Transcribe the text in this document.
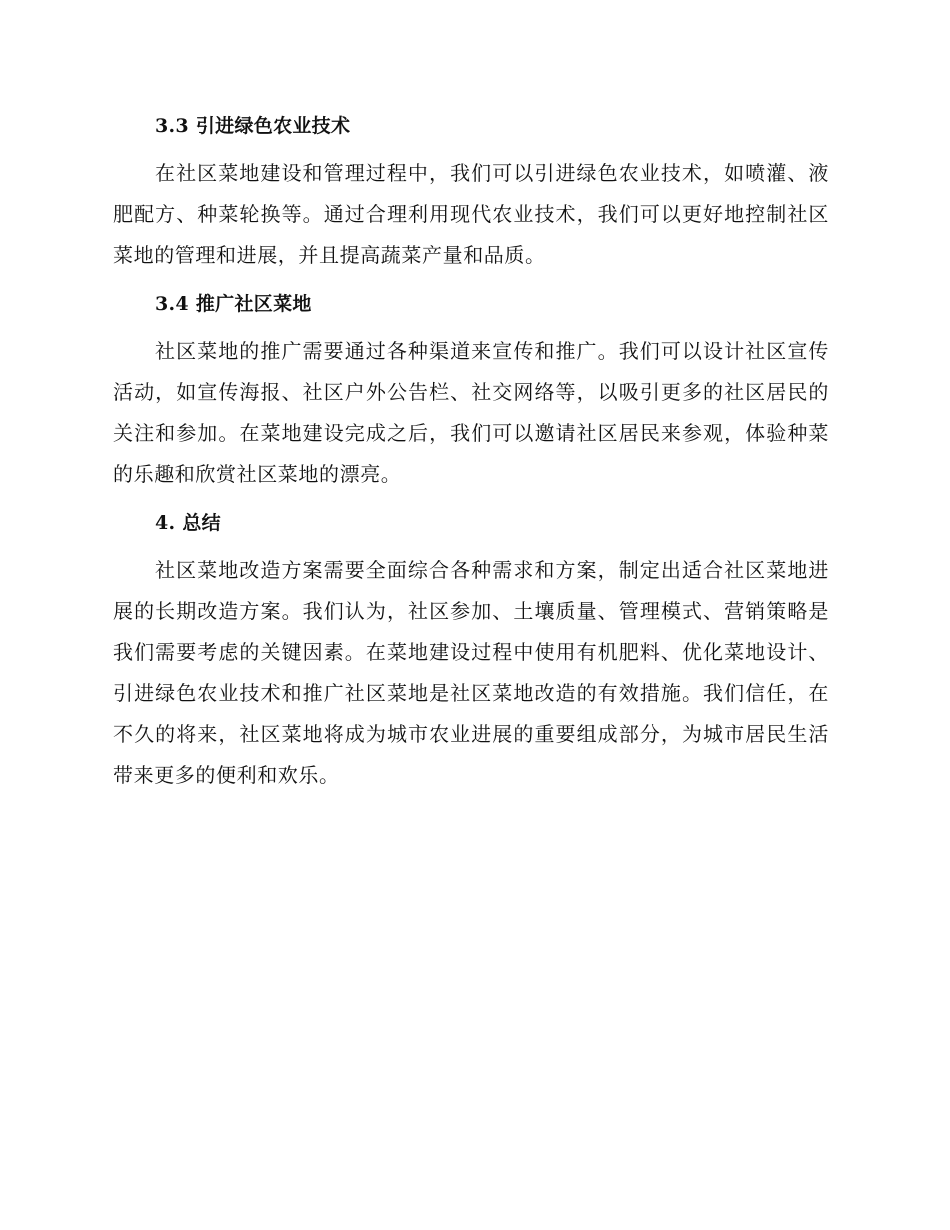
3.3 引进绿色农业技术

在社区菜地建设和管理过程中，我们可以引进绿色农业技术，如喷灌、液肥配方、种菜轮换等。通过合理利用现代农业技术，我们可以更好地控制社区菜地的管理和进展，并且提高蔬菜产量和品质。

3.4 推广社区菜地

社区菜地的推广需要通过各种渠道来宣传和推广。我们可以设计社区宣传活动，如宣传海报、社区户外公告栏、社交网络等，以吸引更多的社区居民的关注和参加。在菜地建设完成之后，我们可以邀请社区居民来参观，体验种菜的乐趣和欣赏社区菜地的漂亮。

4. 总结

社区菜地改造方案需要全面综合各种需求和方案，制定出适合社区菜地进展的长期改造方案。我们认为，社区参加、土壤质量、管理模式、营销策略是我们需要考虑的关键因素。在菜地建设过程中使用有机肥料、优化菜地设计、引进绿色农业技术和推广社区菜地是社区菜地改造的有效措施。我们信任，在不久的将来，社区菜地将成为城市农业进展的重要组成部分，为城市居民生活带来更多的便利和欢乐。
